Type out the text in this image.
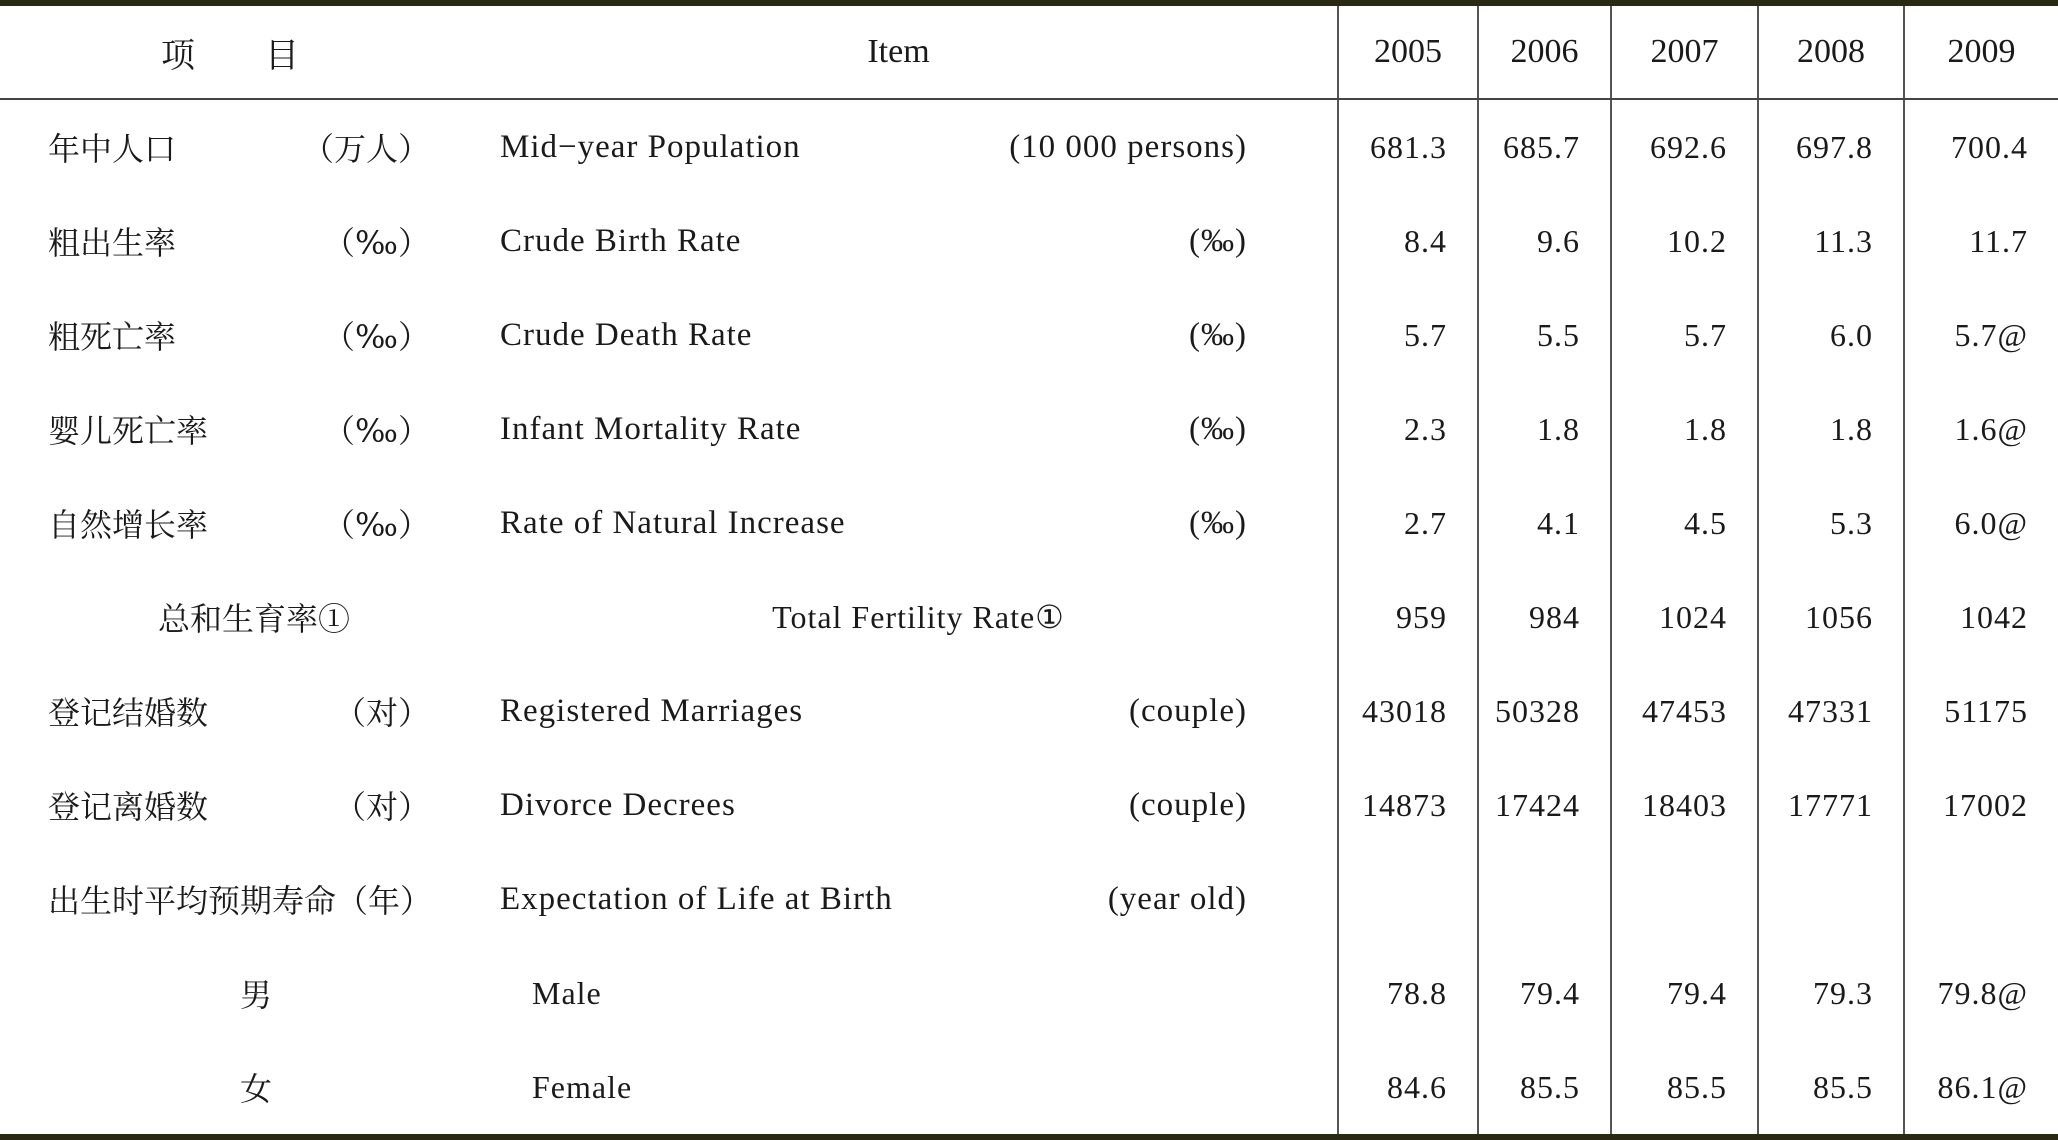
项目	Item	2005	2006	2007	2008	2009

年中人口 （万人）	Mid−year Population (10 000 persons)	681.3	685.7	692.6	697.8	700.4

粗出生率 （‰）	Crude Birth Rate (‰)	8.4	9.6	10.2	11.3	11.7

粗死亡率 （‰）	Crude Death Rate (‰)	5.7	5.5	5.7	6.0	5.7@

婴儿死亡率 （‰）	Infant Mortality Rate (‰)	2.3	1.8	1.8	1.8	1.6@

自然增长率 （‰）	Rate of Natural Increase (‰)	2.7	4.1	4.5	5.3	6.0@
总和生育率①	Total Fertility Rate①	959	984	1024	1056	1042

登记结婚数 （对）	Registered Marriages (couple)	43018	50328	47453	47331	51175

登记离婚数 （对）	Divorce Decrees (couple)	14873	17424	18403	17771	17002

出生时平均预期寿命 （年）	Expectation of Life at Birth (year old)					

男	Male	78.8	79.4	79.4	79.3	79.8@
女	Female	84.6	85.5	85.5	85.5	86.1@
